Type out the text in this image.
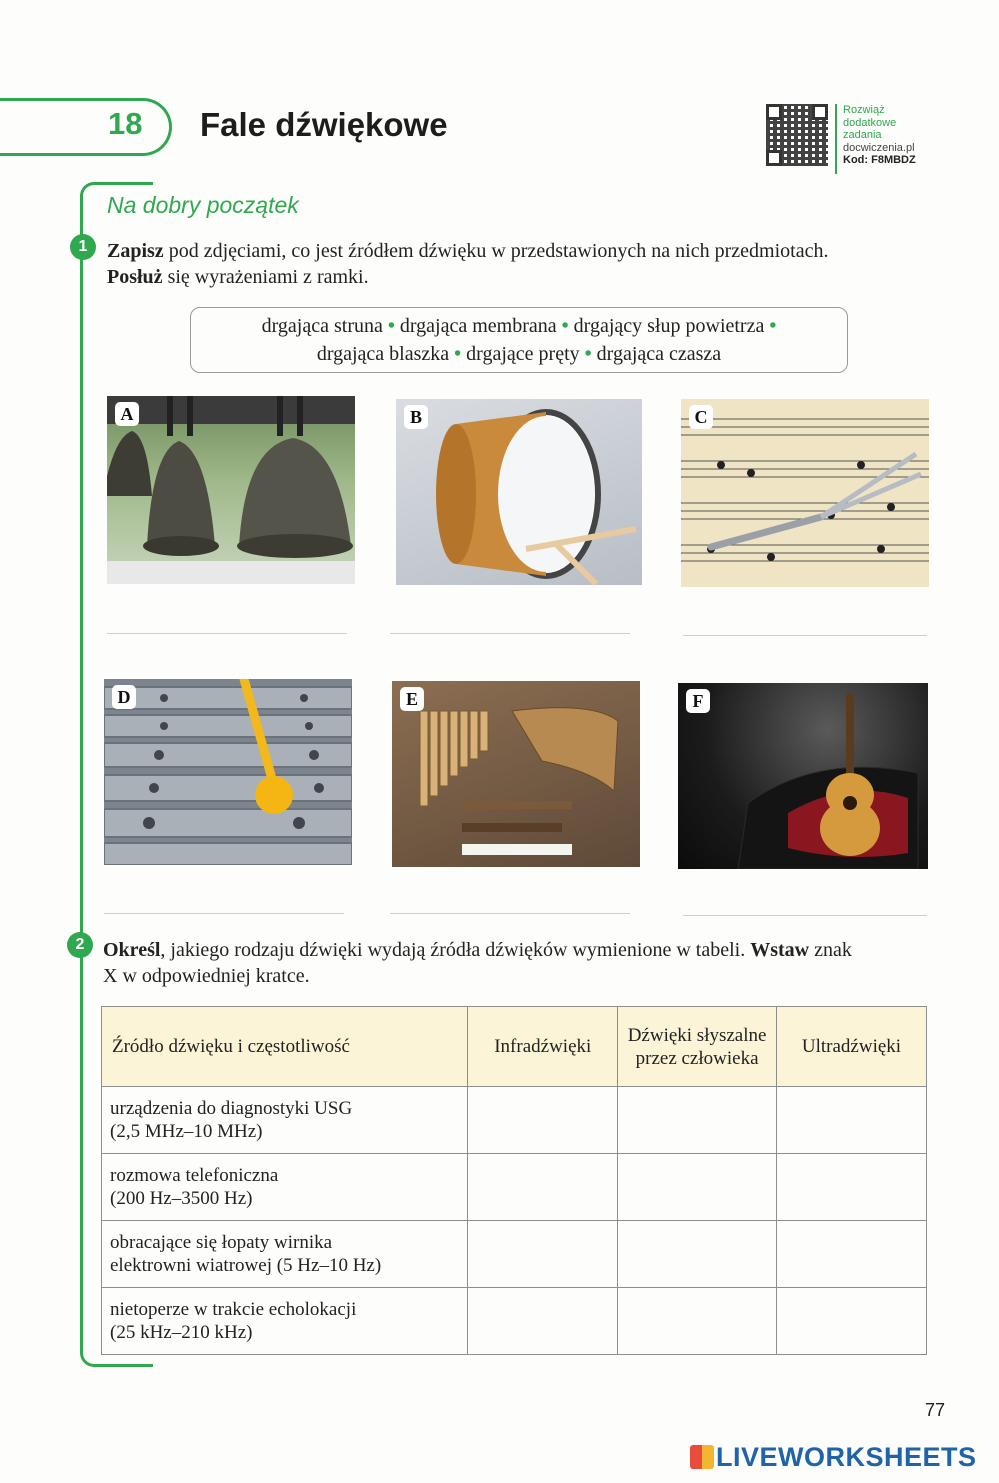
18 Fale dźwiękowe	Rozwiąż
dodatkowe
zadania
docwiczenia.pl
Kod: F8MBDZ
Na dobry początek
1 Zapisz pod zdjęciami, co jest źródłem dźwięku w przedstawionych na nich przedmiotach.
Posłuż się wyrażeniami z ramki.
drgająca struna • drgająca membrana • drgający słup powietrza •
drgająca blaszka • drgające pręty • drgająca czasza
A	B	C
D	E	F
2 Określ, jakiego rodzaju dźwięki wydają źródła dźwięków wymienione w tabeli. Wstaw znak
X w odpowiedniej kratce.
Źródło dźwięku i częstotliwość	Infradźwięki	Dźwięki słyszalne przez człowieka	Ultradźwięki

urządzenia do diagnostyki USG
(2,5 MHz–10 MHz)			

rozmowa telefoniczna
(200 Hz–3500 Hz)			

obracające się łopaty wirnika
elektrowni wiatrowej (5 Hz–10 Hz)			

nietoperze w trakcie echolokacji
(25 kHz–210 kHz)			

77
LIVEWORKSHEETS
